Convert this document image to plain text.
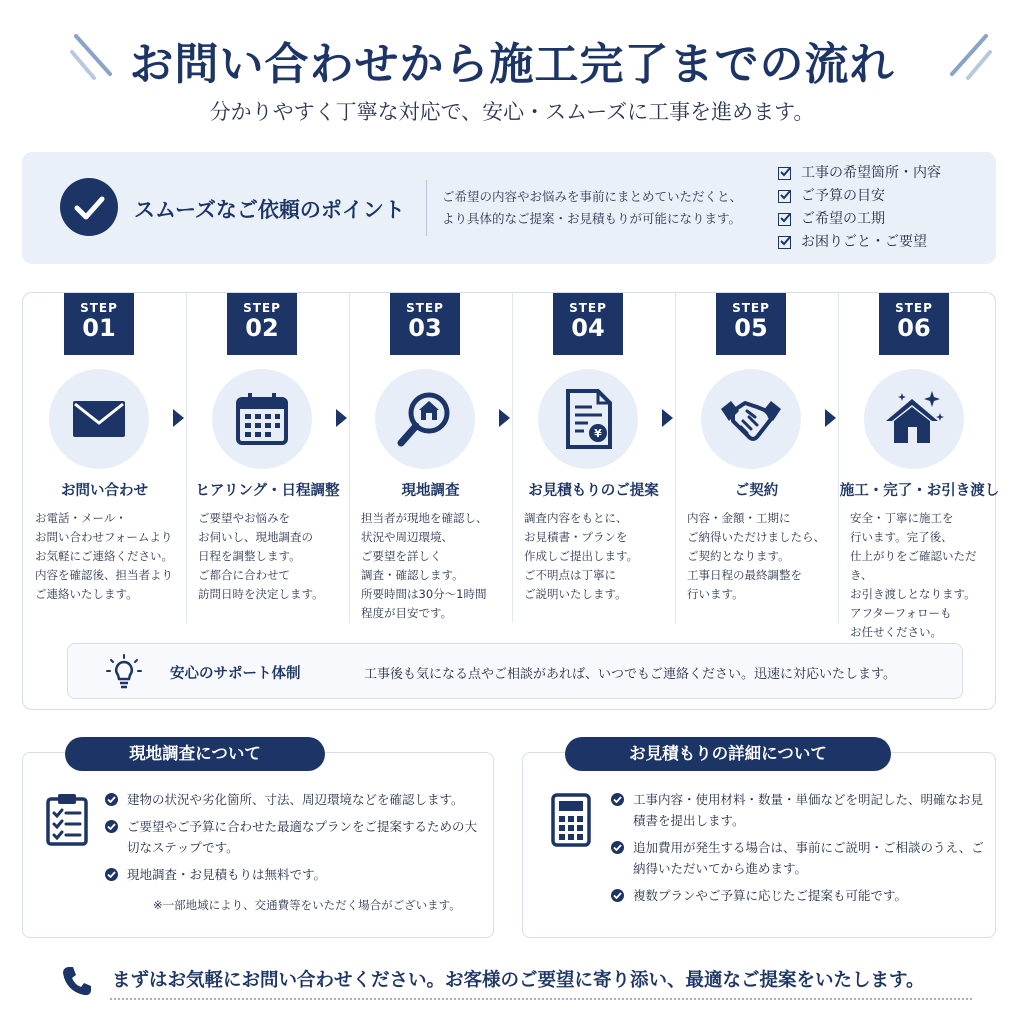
お問い合わせから施工完了までの流れ
分かりやすく丁寧な対応で、安心・スムーズに工事を進めます。
スムーズなご依頼のポイント
ご希望の内容やお悩みを事前にまとめていただくと、
より具体的なご提案・お見積もりが可能になります。
工事の希望箇所・内容
ご予算の目安
ご希望の工期
お困りごと・ご要望
STEP
01
お問い合わせ
お電話・メール・
お問い合わせフォームより
お気軽にご連絡ください。
内容を確認後、担当者より
ご連絡いたします。
STEP
02
ヒアリング・日程調整
ご要望やお悩みを
お伺いし、現地調査の
日程を調整します。
ご都合に合わせて
訪問日時を決定します。
STEP
03
現地調査
担当者が現地を確認し、
状況や周辺環境、
ご要望を詳しく
調査・確認します。
所要時間は30分〜1時間
程度が目安です。
STEP
04
¥
お見積もりのご提案
調査内容をもとに、
お見積書・プランを
作成しご提出します。
ご不明点は丁寧に
ご説明いたします。
STEP
05
ご契約
内容・金額・工期に
ご納得いただけましたら、
ご契約となります。
工事日程の最終調整を
行います。
STEP
06
施工・完了・お引き渡し
安全・丁寧に施工を
行います。完了後、
仕上がりをご確認いただき、
お引き渡しとなります。
アフターフォローも
お任せください。
安心のサポート体制	工事後も気になる点やご相談があれば、いつでもご連絡ください。迅速に対応いたします。
現地調査について
建物の状況や劣化箇所、寸法、周辺環境などを確認します。
ご要望やご予算に合わせた最適なプランをご提案するための大切なステップです。
現地調査・お見積もりは無料です。
※一部地域により、交通費等をいただく場合がございます。
お見積もりの詳細について
工事内容・使用材料・数量・単価などを明記した、明確なお見積書を提出します。
追加費用が発生する場合は、事前にご説明・ご相談のうえ、ご納得いただいてから進めます。
複数プランやご予算に応じたご提案も可能です。
まずはお気軽にお問い合わせください。お客様のご要望に寄り添い、最適なご提案をいたします。
